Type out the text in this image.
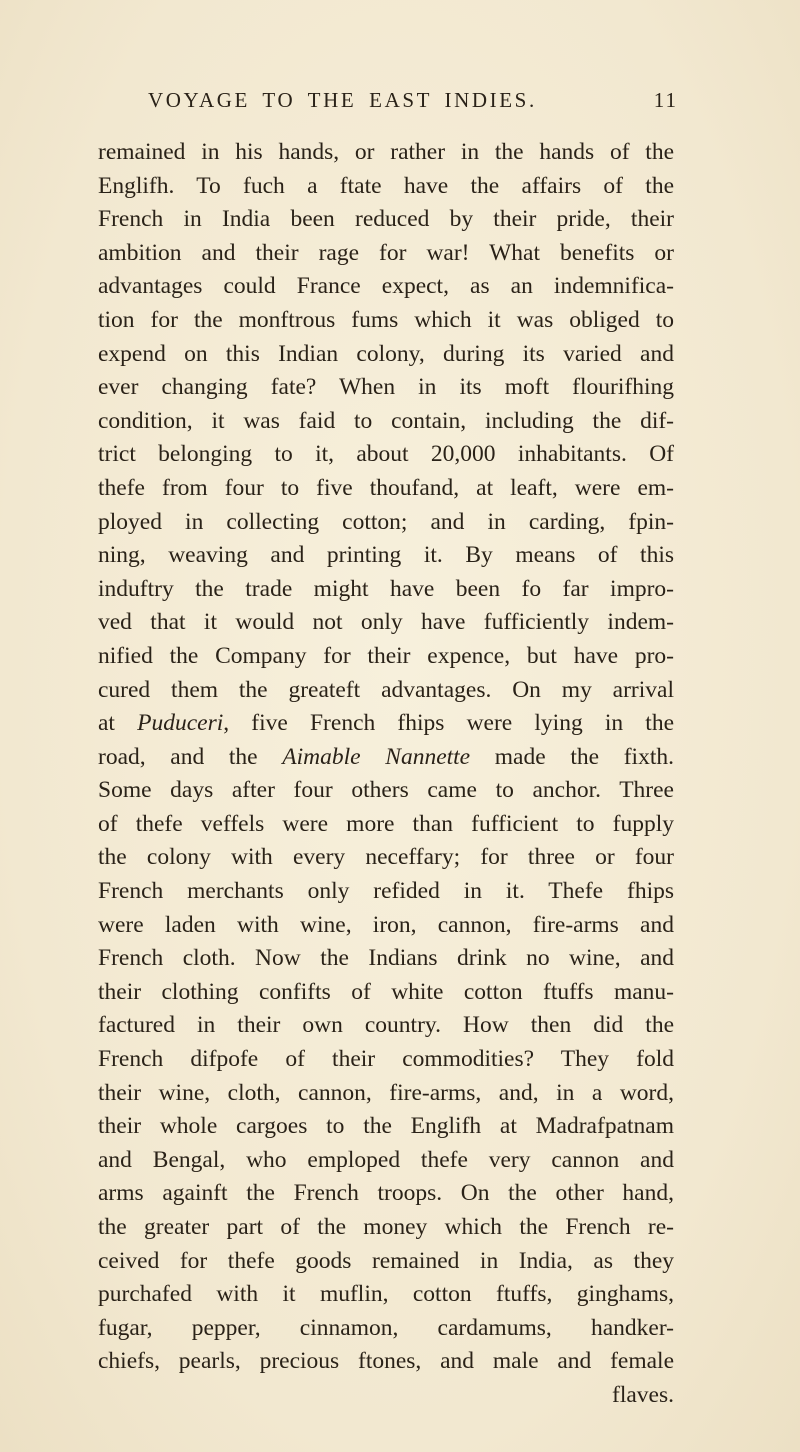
VOYAGE TO THE EAST INDIES.	11
remained in his hands, or rather in the hands of the
Englifh. To fuch a ftate have the affairs of the
French in India been reduced by their pride, their
ambition and their rage for war! What benefits or
advantages could France expect, as an indemnifica-
tion for the monftrous fums which it was obliged to
expend on this Indian colony, during its varied and
ever changing fate? When in its moft flourifhing
condition, it was faid to contain, including the dif-
trict belonging to it, about 20,000 inhabitants. Of
thefe from four to five thoufand, at leaft, were em-
ployed in collecting cotton; and in carding, fpin-
ning, weaving and printing it. By means of this
induftry the trade might have been fo far impro-
ved that it would not only have fufficiently indem-
nified the Company for their expence, but have pro-
cured them the greateft advantages. On my arrival
at Puduceri, five French fhips were lying in the
road, and the Aimable Nannette made the fixth.
Some days after four others came to anchor. Three
of thefe veffels were more than fufficient to fupply
the colony with every neceffary; for three or four
French merchants only refided in it. Thefe fhips
were laden with wine, iron, cannon, fire-arms and
French cloth. Now the Indians drink no wine, and
their clothing confifts of white cotton ftuffs manu-
factured in their own country. How then did the
French difpofe of their commodities? They fold
their wine, cloth, cannon, fire-arms, and, in a word,
their whole cargoes to the Englifh at Madrafpatnam
and Bengal, who emploped thefe very cannon and
arms againft the French troops. On the other hand,
the greater part of the money which the French re-
ceived for thefe goods remained in India, as they
purchafed with it muflin, cotton ftuffs, ginghams,
fugar, pepper, cinnamon, cardamums, handker-
chiefs, pearls, precious ftones, and male and female
flaves.
